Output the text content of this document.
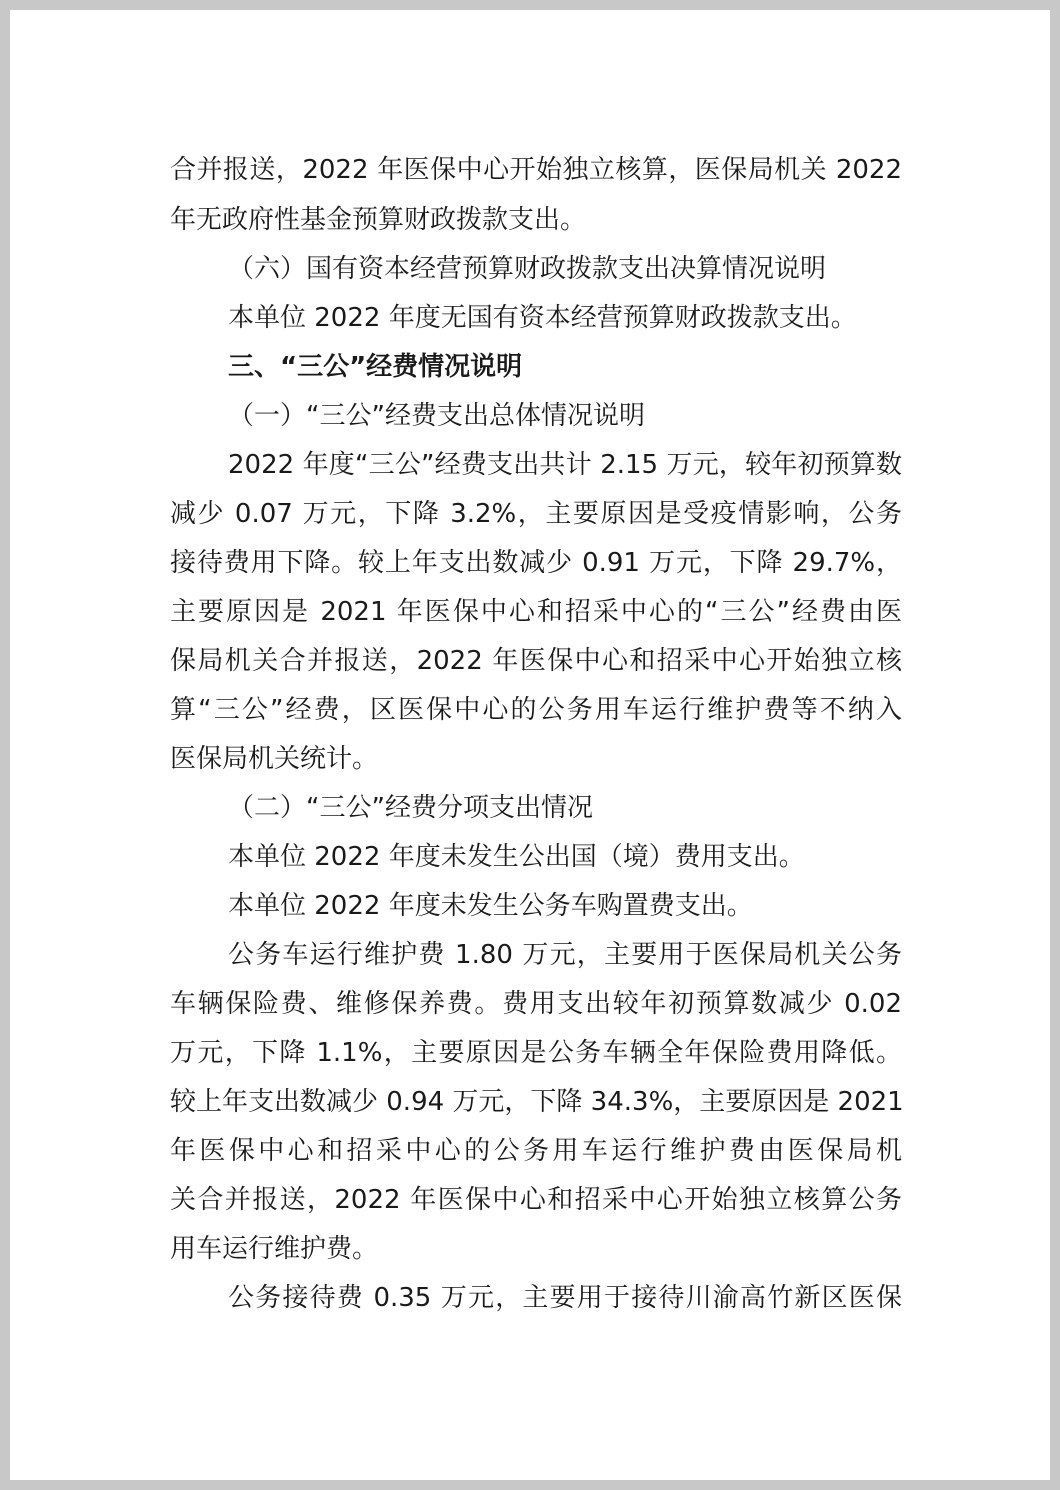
合并报送，2022 年医保中心开始独立核算，医保局机关 2022

年无政府性基金预算财政拨款支出。

（六）国有资本经营预算财政拨款支出决算情况说明

本单位 2022 年度无国有资本经营预算财政拨款支出。

三、“三公”经费情况说明

（一）“三公”经费支出总体情况说明

2022 年度“三公”经费支出共计 2.15 万元，较年初预算数

减少 0.07 万元，下降 3.2%，主要原因是受疫情影响，公务

接待费用下降。较上年支出数减少 0.91 万元，下降 29.7%，

主要原因是 2021 年医保中心和招采中心的“三公”经费由医

保局机关合并报送，2022 年医保中心和招采中心开始独立核

算“三公”经费，区医保中心的公务用车运行维护费等不纳入

医保局机关统计。

（二）“三公”经费分项支出情况

本单位 2022 年度未发生公出国（境）费用支出。

本单位 2022 年度未发生公务车购置费支出。

公务车运行维护费 1.80 万元，主要用于医保局机关公务

车辆保险费、维修保养费。费用支出较年初预算数减少 0.02

万元，下降 1.1%，主要原因是公务车辆全年保险费用降低。

较上年支出数减少 0.94 万元，下降 34.3%，主要原因是 2021

年医保中心和招采中心的公务用车运行维护费由医保局机

关合并报送，2022 年医保中心和招采中心开始独立核算公务

用车运行维护费。

公务接待费 0.35 万元，主要用于接待川渝高竹新区医保
